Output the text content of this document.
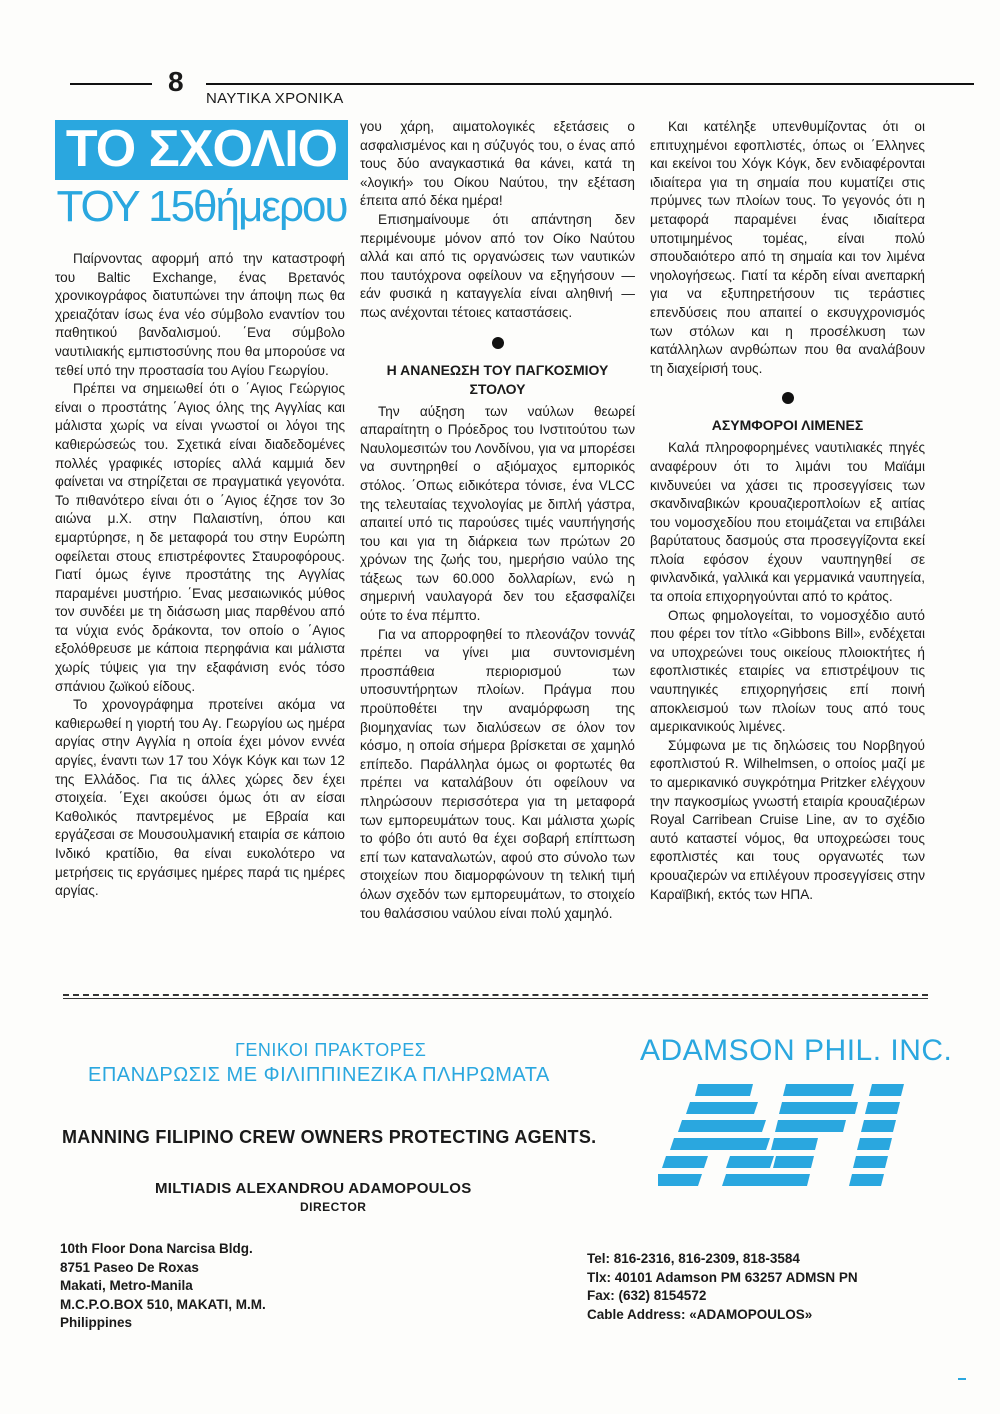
8
ΝΑΥΤΙΚΑ ΧΡΟΝΙΚΑ
ΤΟ ΣΧΟΛΙΟ
ΤΟΥ 15θήμερου

Παίρνοντας αφορμή από την καταστροφή του Baltic Exchange, ένας Βρετανός χρονικογράφος διατυπώνει την άποψη πως θα χρειαζόταν ίσως ένα νέο σύμβολο εναντίον του παθητικού βανδαλισμού. ΄Ενα σύμβολο ναυτιλιακής εμπιστοσύνης που θα μπορούσε να τεθεί υπό την προστασία του Αγίου Γεωργίου.

Πρέπει να σημειωθεί ότι ο ΄Αγιος Γεώργιος είναι ο προστάτης ΄Αγιος όλης της Αγγλίας και μάλιστα χωρίς να είναι γνωστοί οι λόγοι της καθιερώσεώς του. Σχετικά είναι διαδεδομένες πολλές γραφικές ιστορίες αλλά καμμιά δεν φαίνεται να στηρίζεται σε πραγματικά γεγονότα. Το πιθανότερο είναι ότι ο ΄Αγιος έζησε τον 3ο αιώνα μ.Χ. στην Παλαιστίνη, όπου και εμαρτύρησε, η δε μεταφορά του στην Ευρώπη οφείλεται στους επιστρέφοντες Σταυροφόρους. Γιατί όμως έγινε προστάτης της Αγγλίας παραμένει μυστήριο. ΄Ενας μεσαιωνικός μύθος τον συνδέει με τη διάσωση μιας παρθένου από τα νύχια ενός δράκοντα, τον οποίο ο ΄Αγιος εξολόθρευσε με κάποια περηφάνια και μάλιστα χωρίς τύψεις για την εξαφάνιση ενός τόσο σπάνιου ζωϊκού είδους.

Το χρονογράφημα προτείνει ακόμα να καθιερωθεί η γιορτή του Αγ. Γεωργίου ως ημέρα αργίας στην Αγγλία η οποία έχει μόνον εννέα αργίες, έναντι των 17 του Χόγκ Κόγκ και των 12 της Ελλάδος. Για τις άλλες χώρες δεν έχει στοιχεία. ΄Εχει ακούσει όμως ότι αν είσαι Καθολικός παντρεμένος με Εβραία και εργάζεσαι σε Μουσουλμανική εταιρία σε κάποιο Ινδικό κρατίδιο, θα είναι ευκολότερο να μετρήσεις τις εργάσιμες ημέρες παρά τις ημέρες αργίας.

γου χάρη, αιματολογικές εξετάσεις ο ασφαλισμένος και η σύζυγός του, ο ένας από τους δύο αναγκαστικά θα κάνει, κατά τη «λογική» του Οίκου Ναύτου, την εξέταση έπειτα από δέκα ημέρα!

Επισημαίνουμε ότι απάντηση δεν περιμένουμε μόνον από τον Οίκο Ναύτου αλλά και από τις οργανώσεις των ναυτικών που ταυτόχρονα οφείλουν να εξηγήσουν — εάν φυσικά η καταγγελία είναι αληθινή — πως ανέχονται τέτοιες καταστάσεις.

Η ΑΝΑΝΕΩΣΗ ΤΟΥ ΠΑΓΚΟΣΜΙΟΥ ΣΤΟΛΟΥ

Την αύξηση των ναύλων θεωρεί απαραίτητη ο Πρόεδρος του Ινστιτούτου των Ναυλομεσιτών του Λονδίνου, για να μπορέσει να συντηρηθεί ο αξιόμαχος εμπορικός στόλος. ΄Οπως ειδικότερα τόνισε, ένα VLCC της τελευταίας τεχνολογίας με διπλή γάστρα, απαιτεί υπό τις παρούσες τιμές ναυπήγησής του και για τη διάρκεια των πρώτων 20 χρόνων της ζωής του, ημερήσιο ναύλο της τάξεως των 60.000 δολλαρίων, ενώ η σημερινή ναυλαγορά δεν του εξασφαλίζει ούτε το ένα πέμπτο.

Για να απορροφηθεί το πλεονάζον τοννάζ πρέπει να γίνει μια συντονισμένη προσπάθεια περιορισμού των υποσυντήρητων πλοίων. Πράγμα που προϋποθέτει την αναμόρφωση της βιομηχανίας των διαλύσεων σε όλον τον κόσμο, η οποία σήμερα βρίσκεται σε χαμηλό επίπεδο. Παράλληλα όμως οι φορτωτές θα πρέπει να καταλάβουν ότι οφείλουν να πληρώσουν περισσότερα για τη μεταφορά των εμπορευμάτων τους. Και μάλιστα χωρίς το φόβο ότι αυτό θα έχει σοβαρή επίπτωση επί των καταναλωτών, αφού στο σύνολο των στοιχείων που διαμορφώνουν τη τελική τιμή όλων σχεδόν των εμπορευμάτων, το στοιχείο του θαλάσσιου ναύλου είναι πολύ χαμηλό.

Και κατέληξε υπενθυμίζοντας ότι οι επιτυχημένοι εφοπλιστές, όπως οι ΄Ελληνες και εκείνοι του Χόγκ Κόγκ, δεν ενδιαφέρονται ιδιαίτερα για τη σημαία που κυματίζει στις πρύμνες των πλοίων τους. Το γεγονός ότι η μεταφορά παραμένει ένας ιδιαίτερα υποτιμημένος τομέας, είναι πολύ σπουδαιότερο από τη σημαία και τον λιμένα νηολογήσεως. Γιατί τα κέρδη είναι ανεπαρκή για να εξυπηρετήσουν τις τεράστιες επενδύσεις που απαιτεί ο εκσυγχρονισμός των στόλων και η προσέλκυση των κατάλληλων ανρθώπων που θα αναλάβουν τη διαχείρισή τους.

ΑΣΥΜΦΟΡΟΙ ΛΙΜΕΝΕΣ

Καλά πληροφορημένες ναυτιλιακές πηγές αναφέρουν ότι το λιμάνι του Μαϊάμι κινδυνεύει να χάσει τις προσεγγίσεις των σκανδιναβικών κρουαζιεροπλοίων εξ αιτίας του νομοσχεδίου που ετοιμάζεται να επιβάλει βαρύτατους δασμούς στα προσεγγίζοντα εκεί πλοία εφόσον έχουν ναυπηγηθεί σε φινλανδικά, γαλλικά και γερμανικά ναυπηγεία, τα οποία επιχορηγούνται από το κράτος.

Οπως φημολογείται, το νομοσχέδιο αυτό που φέρει τον τίτλο «Gibbons Bill», ενδέχεται να υποχρεώνει τους οικείους πλοιοκτήτες ή εφοπλιστικές εταιρίες να επιστρέψουν τις ναυπηγικές επιχορηγήσεις επί ποινή αποκλεισμού των πλοίων τους από τους αμερικανικούς λιμένες.

Σύμφωνα με τις δηλώσεις του Νορβηγού εφοπλιστού R. Wilhelmsen, ο οποίος μαζί με το αμερικανικό συγκρότημα Pritzker ελέγχουν την παγκοσμίως γνωστή εταιρία κρουαζιέρων Royal Carribean Cruise Line, αν το σχέδιο αυτό καταστεί νόμος, θα υποχρεώσει τους εφοπλιστές και τους οργανωτές των κρουαζιερών να επιλέγουν προσεγγίσεις στην Καραϊβική, εκτός των ΗΠΑ.

ΓΕΝΙΚΟΙ ΠΡΑΚΤΟΡΕΣ
ΕΠΑΝΔΡΩΣΙΣ ΜΕ ΦΙΛΙΠΠΙΝΕΖΙΚΑ ΠΛΗΡΩΜΑΤΑ
ADAMSON PHIL. INC.
MANNING FILIPINO CREW OWNERS PROTECTING AGENTS.
MILTIADIS ALEXANDROU ADAMOPOULOS
DIRECTOR
10th Floor Dona Narcisa Bldg.
8751 Paseo De Roxas
Makati, Metro-Manila
M.C.P.O.BOX 510, MAKATI, M.M.
Philippines
Tel: 816-2316, 816-2309, 818-3584
Tlx: 40101 Adamson PM 63257 ADMSN PN
Fax: (632) 8154572
Cable Address: «ADAMOPOULOS»
